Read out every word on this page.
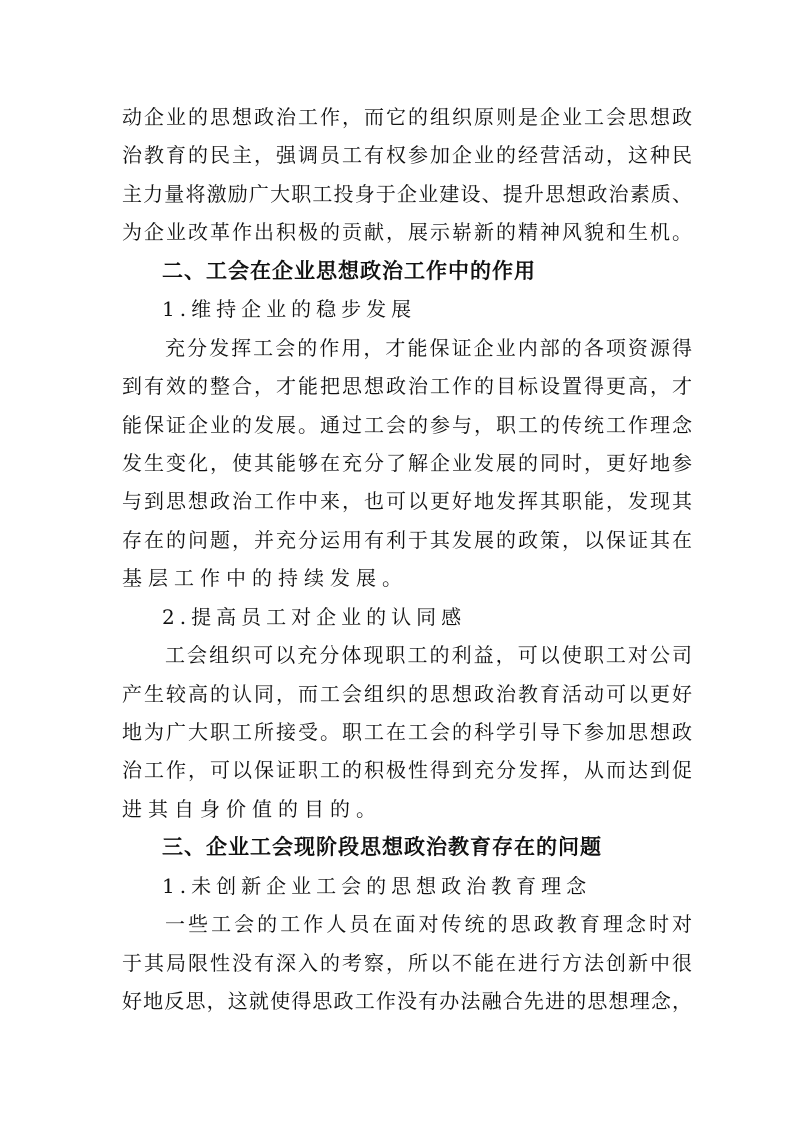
动企业的思想政治工作，而它的组织原则是企业工会思想政
治教育的民主，强调员工有权参加企业的经营活动，这种民
主力量将激励广大职工投身于企业建设、提升思想政治素质、
为企业改革作出积极的贡献，展示崭新的精神风貌和生机。
二、工会在企业思想政治工作中的作用
1.维持企业的稳步发展
充分发挥工会的作用，才能保证企业内部的各项资源得
到有效的整合，才能把思想政治工作的目标设置得更高，才
能保证企业的发展。通过工会的参与，职工的传统工作理念
发生变化，使其能够在充分了解企业发展的同时，更好地参
与到思想政治工作中来，也可以更好地发挥其职能，发现其
存在的问题，并充分运用有利于其发展的政策，以保证其在
基层工作中的持续发展。
2.提高员工对企业的认同感
工会组织可以充分体现职工的利益，可以使职工对公司
产生较高的认同，而工会组织的思想政治教育活动可以更好
地为广大职工所接受。职工在工会的科学引导下参加思想政
治工作，可以保证职工的积极性得到充分发挥，从而达到促
进其自身价值的目的。
三、企业工会现阶段思想政治教育存在的问题
1.未创新企业工会的思想政治教育理念
一些工会的工作人员在面对传统的思政教育理念时对
于其局限性没有深入的考察，所以不能在进行方法创新中很
好地反思，这就使得思政工作没有办法融合先进的思想理念，
